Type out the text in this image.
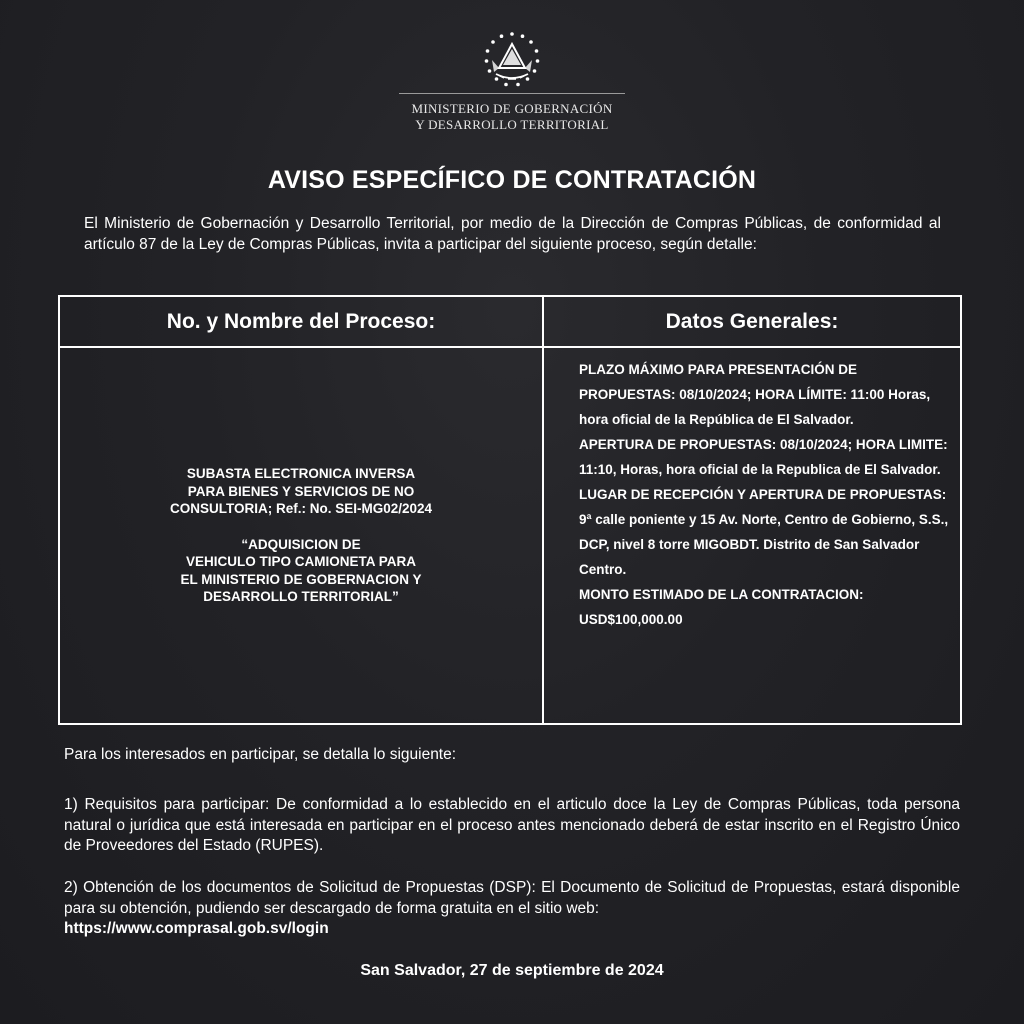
MINISTERIO DE GOBERNACIÓN
Y DESARROLLO TERRITORIAL
AVISO ESPECÍFICO DE CONTRATACIÓN
El Ministerio de Gobernación y Desarrollo Territorial, por medio de la Dirección de Compras Públicas, de conformidad al artículo 87 de la Ley de Compras Públicas, invita a participar del siguiente proceso, según detalle:
No. y Nombre del Proceso:	Datos Generales:
SUBASTA ELECTRONICA INVERSA
PARA BIENES Y SERVICIOS DE NO
CONSULTORIA; Ref.: No. SEI-MG02/2024
“ADQUISICION DE
VEHICULO TIPO CAMIONETA PARA
EL MINISTERIO DE GOBERNACION Y
DESARROLLO TERRITORIAL”

PLAZO MÁXIMO PARA PRESENTACIÓN DE PROPUESTAS: 08/10/2024; HORA LÍMITE: 11:00 Horas, hora oficial de la República de El Salvador.

APERTURA DE PROPUESTAS: 08/10/2024; HORA LIMITE: 11:10, Horas, hora oficial de la Republica de El Salvador.

LUGAR DE RECEPCIÓN Y APERTURA DE PROPUESTAS: 9ª calle poniente y 15 Av. Norte, Centro de Gobierno, S.S., DCP, nivel 8 torre MIGOBDT. Distrito de San Salvador Centro.

MONTO ESTIMADO DE LA CONTRATACION: USD$100,000.00

Para los interesados en participar, se detalla lo siguiente:
1) Requisitos para participar: De conformidad a lo establecido en el articulo doce la Ley de Compras Públicas, toda persona natural o jurídica que está interesada en participar en el proceso antes mencionado deberá de estar inscrito en el Registro Único de Proveedores del Estado (RUPES).
2) Obtención de los documentos de Solicitud de Propuestas (DSP): El Documento de Solicitud de Propuestas, estará disponible para su obtención, pudiendo ser descargado de forma gratuita en el sitio web:
https://www.comprasal.gob.sv/login
San Salvador, 27 de septiembre de 2024
